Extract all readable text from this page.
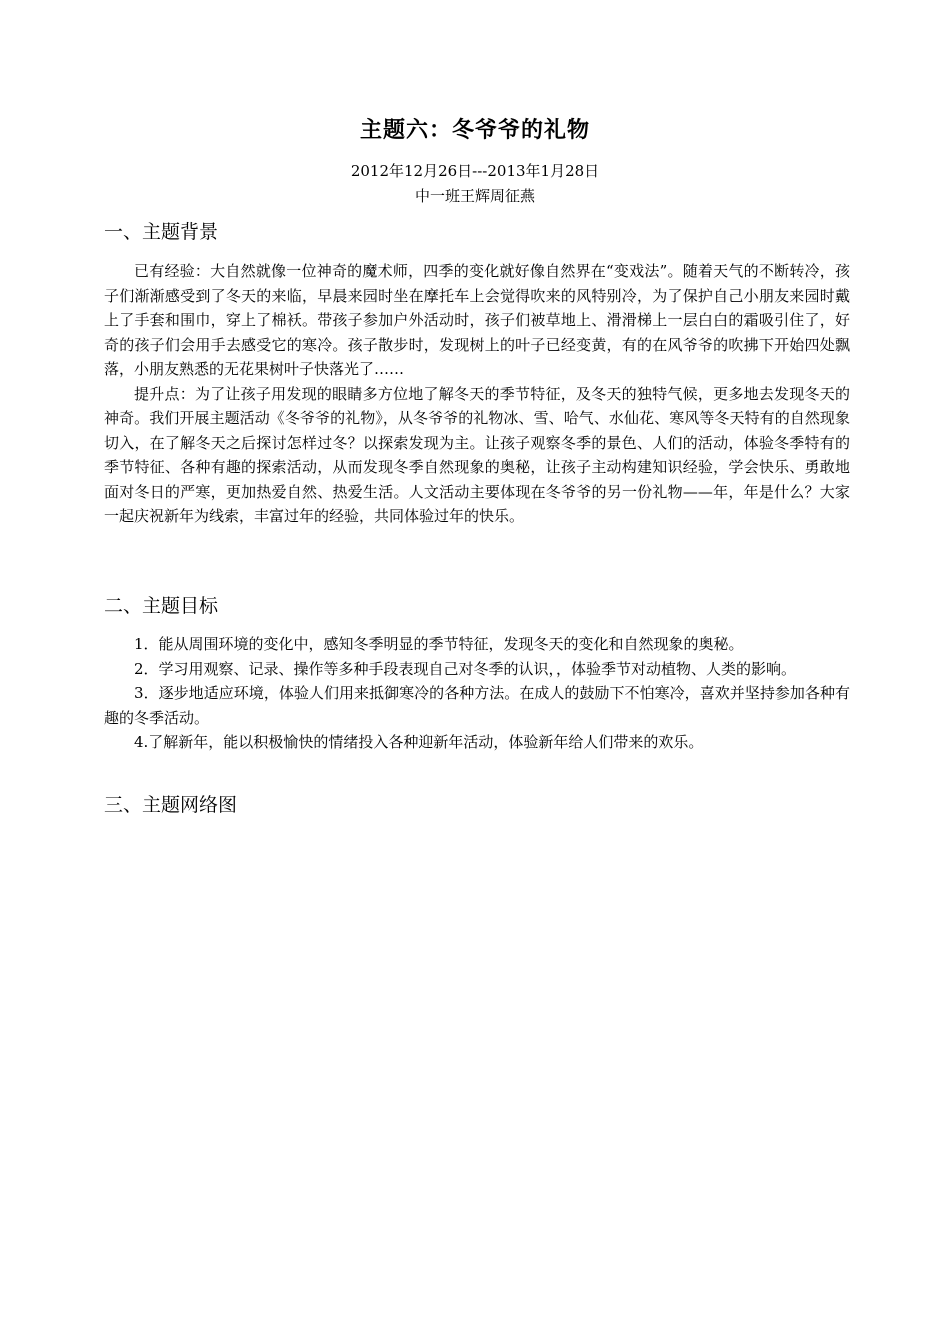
主题六：冬爷爷的礼物
2012年12月26日---2013年1月28日
中一班王辉周征燕
一、主题背景

已有经验：大自然就像一位神奇的魔术师，四季的变化就好像自然界在“变戏法”。随着天气的不断转冷，孩子们渐渐感受到了冬天的来临，早晨来园时坐在摩托车上会觉得吹来的风特别冷，为了保护自己小朋友来园时戴上了手套和围巾，穿上了棉袄。带孩子参加户外活动时，孩子们被草地上、滑滑梯上一层白白的霜吸引住了，好奇的孩子们会用手去感受它的寒冷。孩子散步时，发现树上的叶子已经变黄，有的在风爷爷的吹拂下开始四处飘落，小朋友熟悉的无花果树叶子快落光了……

提升点：为了让孩子用发现的眼睛多方位地了解冬天的季节特征，及冬天的独特气候，更多地去发现冬天的神奇。我们开展主题活动《冬爷爷的礼物》，从冬爷爷的礼物冰、雪、哈气、水仙花、寒风等冬天特有的自然现象切入，在了解冬天之后探讨怎样过冬？以探索发现为主。让孩子观察冬季的景色、人们的活动，体验冬季特有的季节特征、各种有趣的探索活动，从而发现冬季自然现象的奥秘，让孩子主动构建知识经验，学会快乐、勇敢地面对冬日的严寒，更加热爱自然、热爱生活。人文活动主要体现在冬爷爷的另一份礼物——年，年是什么？大家一起庆祝新年为线索，丰富过年的经验，共同体验过年的快乐。

二、主题目标

1．能从周围环境的变化中，感知冬季明显的季节特征，发现冬天的变化和自然现象的奥秘。

2．学习用观察、记录、操作等多种手段表现自己对冬季的认识，，体验季节对动植物、人类的影响。

3．逐步地适应环境，体验人们用来抵御寒冷的各种方法。在成人的鼓励下不怕寒冷，喜欢并坚持参加各种有趣的冬季活动。

4.了解新年，能以积极愉快的情绪投入各种迎新年活动，体验新年给人们带来的欢乐。

三、主题网络图
